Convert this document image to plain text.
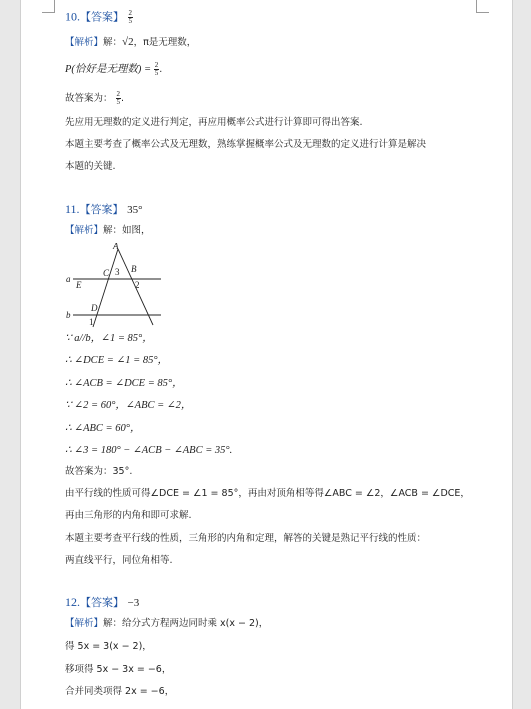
10.【答案】 $\frac{2}{5}$
【解析】解：√2，π是无理数，
P(恰好是无理数) = $\frac{2}{5}$ .
故答案为： $\frac{2}{5}$ .
先应用无理数的定义进行判定，再应用概率公式进行计算即可得出答案.
本题主要考查了概率公式及无理数，熟练掌握概率公式及无理数的定义进行计算是解决
本题的关键.
11.【答案】 35°
【解析】解：如图，
A
B
C
D
E
a
b
3
2
1
∵ a//b，∠1 = 85°，
∴ ∠DCE = ∠1 = 85°，
∴ ∠ACB = ∠DCE = 85°，
∵ ∠2 = 60°，∠ABC = ∠2，
∴ ∠ABC = 60°，
∴ ∠3 = 180° − ∠ACB − ∠ABC = 35°.
故答案为：35°.
由平行线的性质可得∠DCE = ∠1 = 85°，再由对顶角相等得∠ABC = ∠2，∠ACB = ∠DCE，
再由三角形的内角和即可求解.
本题主要考查平行线的性质，三角形的内角和定理，解答的关键是熟记平行线的性质：
两直线平行，同位角相等.
12.【答案】 −3
【解析】解：给分式方程两边同时乘 x(x − 2)，
得 5x = 3(x − 2)，
移项得 5x − 3x = −6，
合并同类项得 2x = −6，
